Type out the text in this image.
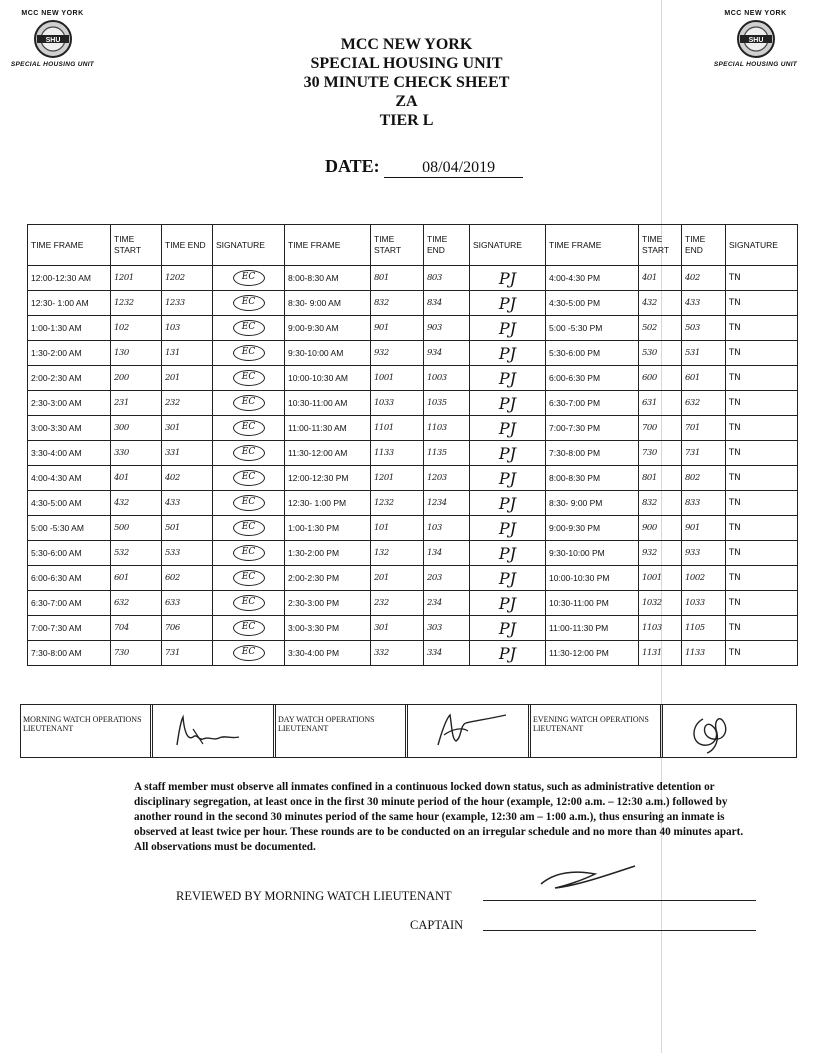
MCC NEW YORK
SHU
SPECIAL HOUSING UNIT
MCC NEW YORK
SHU
SPECIAL HOUSING UNIT
MCC NEW YORK
SPECIAL HOUSING UNIT
30 MINUTE CHECK SHEET
ZA
TIER L
DATE:	08/04/2019
TIME FRAME	TIME START	TIME END	SIGNATURE	TIME FRAME	TIME START	TIME END	SIGNATURE	TIME FRAME	TIME START	TIME END	SIGNATURE
12:00-12:30 AM	1201	1202	EC	8:00-8:30 AM	801	803	PJ	4:00-4:30 PM	401	402	TN
12:30- 1:00 AM	1232	1233	EC	8:30- 9:00 AM	832	834	PJ	4:30-5:00 PM	432	433	TN
1:00-1:30 AM	102	103	EC	9:00-9:30 AM	901	903	PJ	5:00 -5:30 PM	502	503	TN
1:30-2:00 AM	130	131	EC	9:30-10:00 AM	932	934	PJ	5:30-6:00 PM	530	531	TN
2:00-2:30 AM	200	201	EC	10:00-10:30 AM	1001	1003	PJ	6:00-6:30 PM	600	601	TN
2:30-3:00 AM	231	232	EC	10:30-11:00 AM	1033	1035	PJ	6:30-7:00 PM	631	632	TN
3:00-3:30 AM	300	301	EC	11:00-11:30 AM	1101	1103	PJ	7:00-7:30 PM	700	701	TN
3:30-4:00 AM	330	331	EC	11:30-12:00 AM	1133	1135	PJ	7:30-8:00 PM	730	731	TN
4:00-4:30 AM	401	402	EC	12:00-12:30 PM	1201	1203	PJ	8:00-8:30 PM	801	802	TN
4:30-5:00 AM	432	433	EC	12:30- 1:00 PM	1232	1234	PJ	8:30- 9:00 PM	832	833	TN
5:00 -5:30 AM	500	501	EC	1:00-1:30 PM	101	103	PJ	9:00-9:30 PM	900	901	TN
5:30-6:00 AM	532	533	EC	1:30-2:00 PM	132	134	PJ	9:30-10:00 PM	932	933	TN
6:00-6:30 AM	601	602	EC	2:00-2:30 PM	201	203	PJ	10:00-10:30 PM	1001	1002	TN
6:30-7:00 AM	632	633	EC	2:30-3:00 PM	232	234	PJ	10:30-11:00 PM	1032	1033	TN
7:00-7:30 AM	704	706	EC	3:00-3:30 PM	301	303	PJ	11:00-11:30 PM	1103	1105	TN
7:30-8:00 AM	730	731	EC	3:30-4:00 PM	332	334	PJ	11:30-12:00 PM	1131	1133	TN
MORNING WATCH OPERATIONS LIEUTENANT
DAY WATCH OPERATIONS LIEUTENANT
EVENING WATCH OPERATIONS LIEUTENANT
A staff member must observe all inmates confined in a continuous locked down status, such as administrative detention or disciplinary segregation, at least once in the first 30 minute period of the hour (example, 12:00 a.m. – 12:30 a.m.) followed by another round in the second 30 minutes period of the same hour (example, 12:30 am – 1:00 a.m.), thus ensuring an inmate is observed at least twice per hour. These rounds are to be conducted on an irregular schedule and no more than 40 minutes apart. All observations must be documented.
REVIEWED BY MORNING WATCH LIEUTENANT
CAPTAIN
